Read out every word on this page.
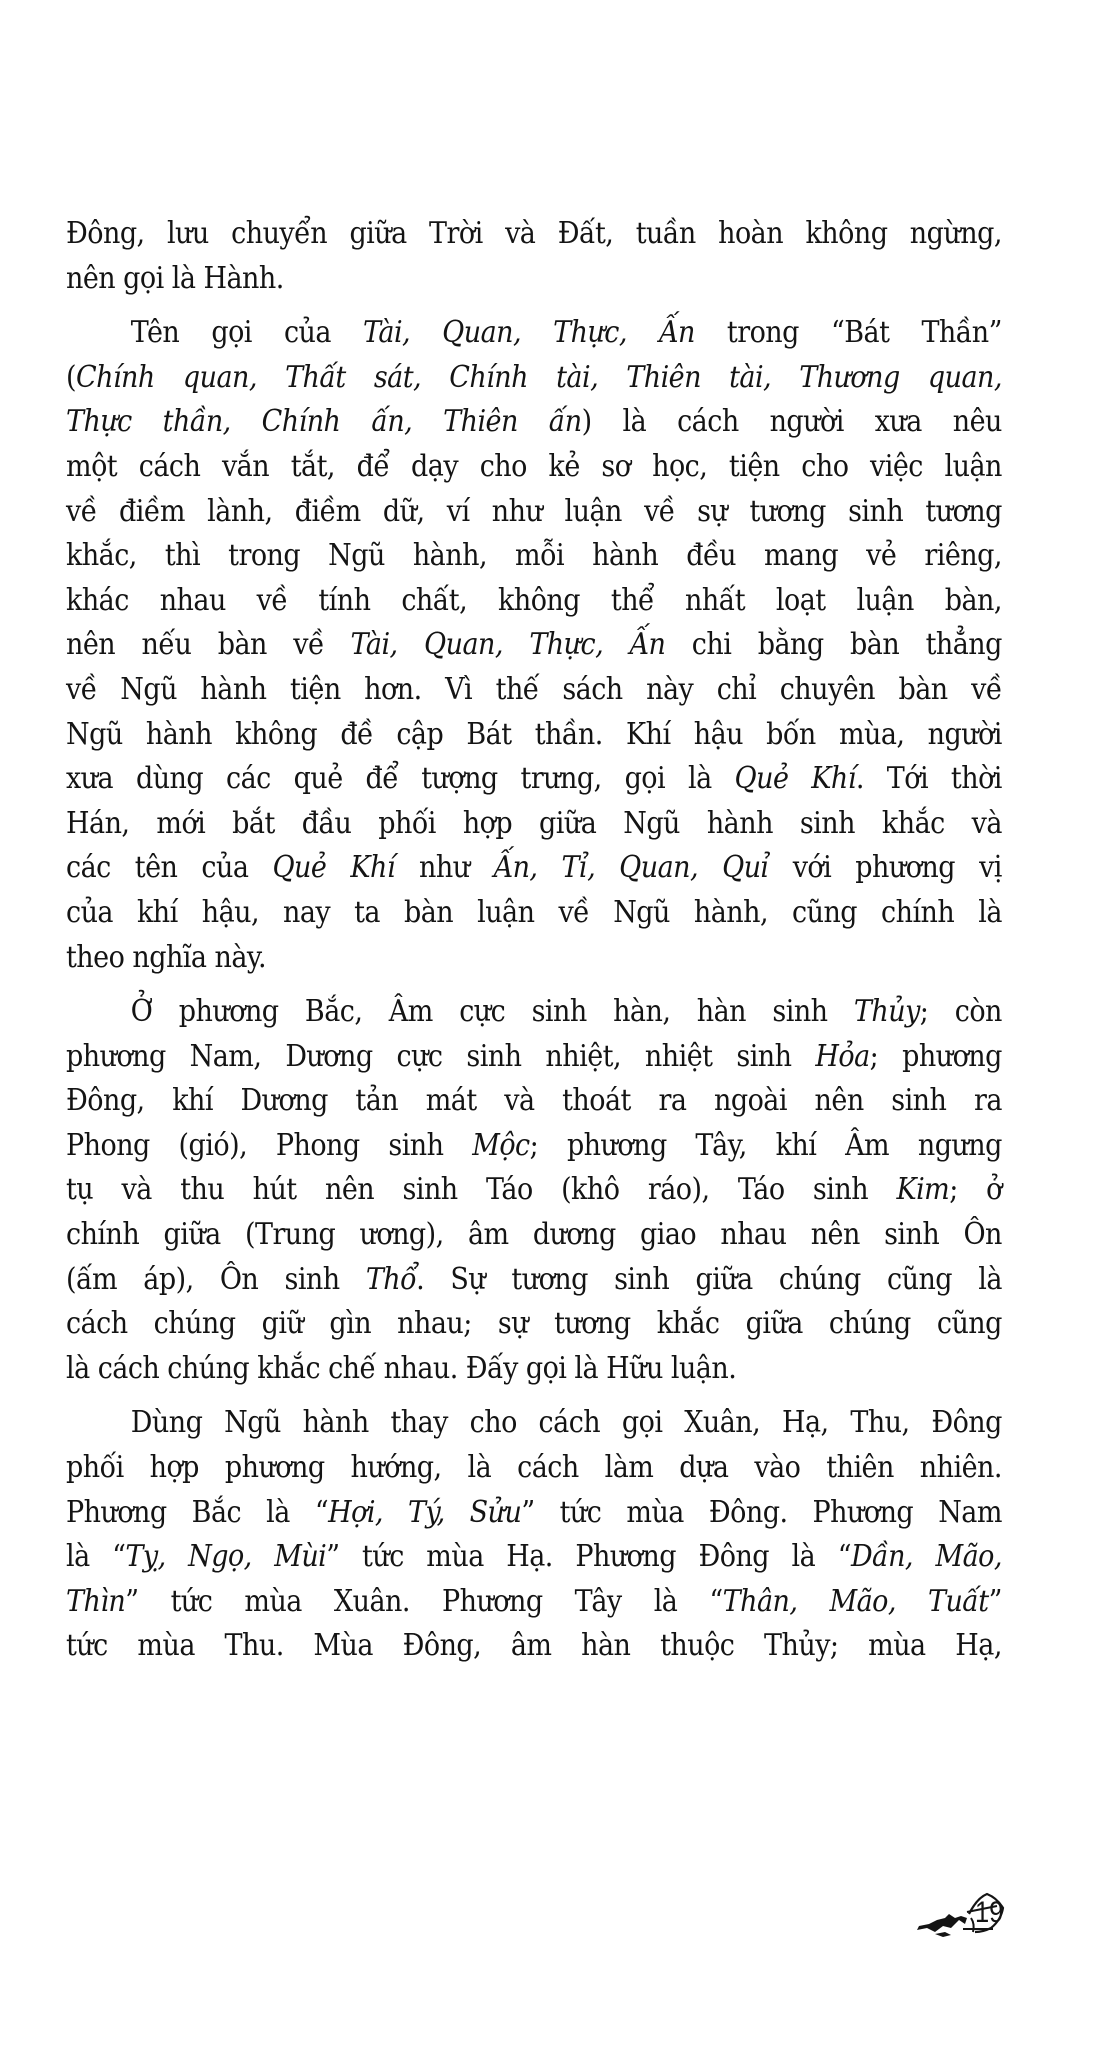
Đông, lưu chuyển giữa Trời và Đất, tuần hoàn không ngừng,
nên gọi là Hành.
Tên gọi của Tài, Quan, Thực, Ấn trong “Bát Thần”
(Chính quan, Thất sát, Chính tài, Thiên tài, Thương quan,
Thực thần, Chính ấn, Thiên ấn) là cách người xưa nêu
một cách vắn tắt, để dạy cho kẻ sơ học, tiện cho việc luận
về điềm lành, điềm dữ, ví như luận về sự tương sinh tương
khắc, thì trong Ngũ hành, mỗi hành đều mang vẻ riêng,
khác nhau về tính chất, không thể nhất loạt luận bàn,
nên nếu bàn về Tài, Quan, Thực, Ấn chi bằng bàn thẳng
về Ngũ hành tiện hơn. Vì thế sách này chỉ chuyên bàn về
Ngũ hành không đề cập Bát thần. Khí hậu bốn mùa, người
xưa dùng các quẻ để tượng trưng, gọi là Quẻ Khí. Tới thời
Hán, mới bắt đầu phối hợp giữa Ngũ hành sinh khắc và
các tên của Quẻ Khí như Ấn, Tỉ, Quan, Quỉ với phương vị
của khí hậu, nay ta bàn luận về Ngũ hành, cũng chính là
theo nghĩa này.
Ở phương Bắc, Âm cực sinh hàn, hàn sinh Thủy; còn
phương Nam, Dương cực sinh nhiệt, nhiệt sinh Hỏa; phương
Đông, khí Dương tản mát và thoát ra ngoài nên sinh ra
Phong (gió), Phong sinh Mộc; phương Tây, khí Âm ngưng
tụ và thu hút nên sinh Táo (khô ráo), Táo sinh Kim; ở
chính giữa (Trung ương), âm dương giao nhau nên sinh Ôn
(ấm áp), Ôn sinh Thổ. Sự tương sinh giữa chúng cũng là
cách chúng giữ gìn nhau; sự tương khắc giữa chúng cũng
là cách chúng khắc chế nhau. Đấy gọi là Hữu luận.
Dùng Ngũ hành thay cho cách gọi Xuân, Hạ, Thu, Đông
phối hợp phương hướng, là cách làm dựa vào thiên nhiên.
Phương Bắc là “Hợi, Tý, Sửu” tức mùa Đông. Phương Nam
là “Tỵ, Ngọ, Mùi” tức mùa Hạ. Phương Đông là “Dần, Mão,
Thìn” tức mùa Xuân. Phương Tây là “Thân, Mão, Tuất”
tức mùa Thu. Mùa Đông, âm hàn thuộc Thủy; mùa Hạ,
19
